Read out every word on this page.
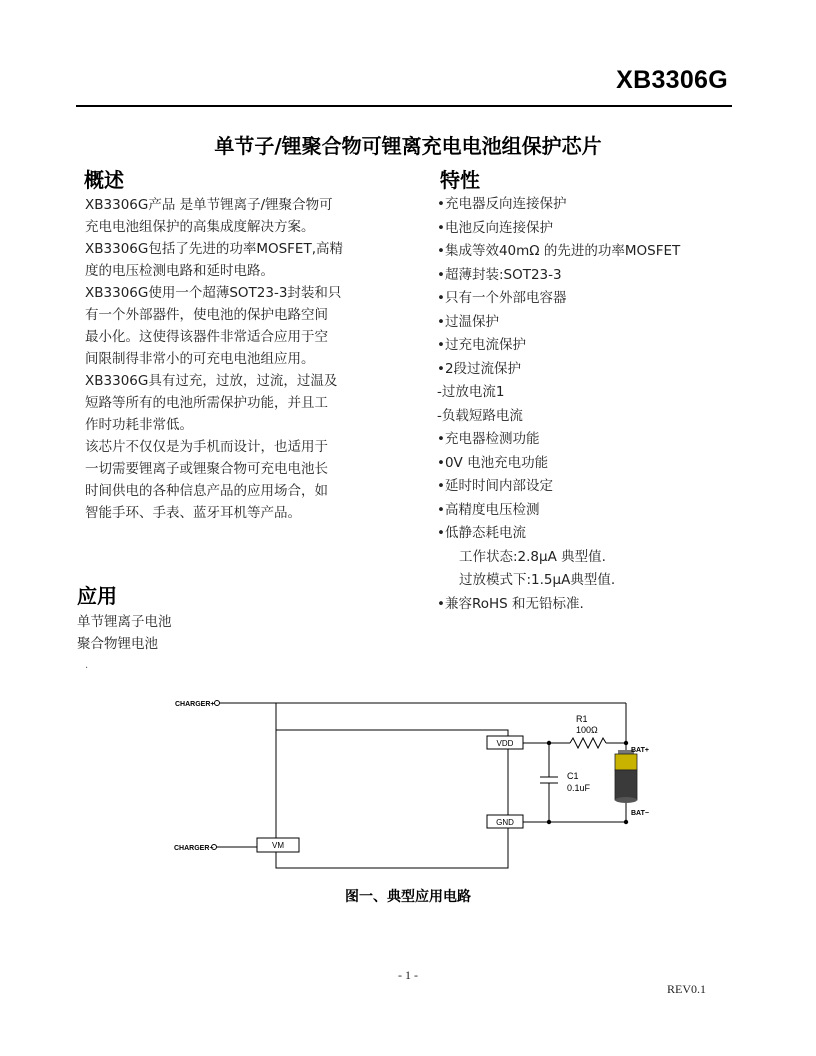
XB3306G
单节子/锂聚合物可锂离充电电池组保护芯片
概述
XB3306G产品 是单节锂离子/锂聚合物可
充电电池组保护的高集成度解决方案。
XB3306G包括了先进的功率MOSFET,高精
度的电压检测电路和延时电路。
XB3306G使用一个超薄SOT23-3封装和只
有一个外部器件，使电池的保护电路空间
最小化。这使得该器件非常适合应用于空
间限制得非常小的可充电电池组应用。
XB3306G具有过充，过放，过流，过温及
短路等所有的电池所需保护功能，并且工
作时功耗非常低。
该芯片不仅仅是为手机而设计，也适用于
一切需要锂离子或锂聚合物可充电电池长
时间供电的各种信息产品的应用场合，如
智能手环、手表、蓝牙耳机等产品。
特性
•充电器反向连接保护
•电池反向连接保护
•集成等效40mΩ 的先进的功率MOSFET
•超薄封装:SOT23-3
•只有一个外部电容器
•过温保护
•过充电流保护
•2段过流保护
-过放电流1
-负载短路电流
•充电器检测功能
•0V 电池充电功能
•延时时间内部设定
•高精度电压检测
•低静态耗电流
工作状态:2.8μA 典型值.
过放模式下:1.5μA典型值.
•兼容RoHS 和无铅标准.
应用
单节锂离子电池
聚合物锂电池
.
CHARGER+
CHARGER−
VDD
GND
VM
R1
100Ω
C1
0.1uF
BAT+
BAT−
图一、典型应用电路
- 1 -
REV0.1
